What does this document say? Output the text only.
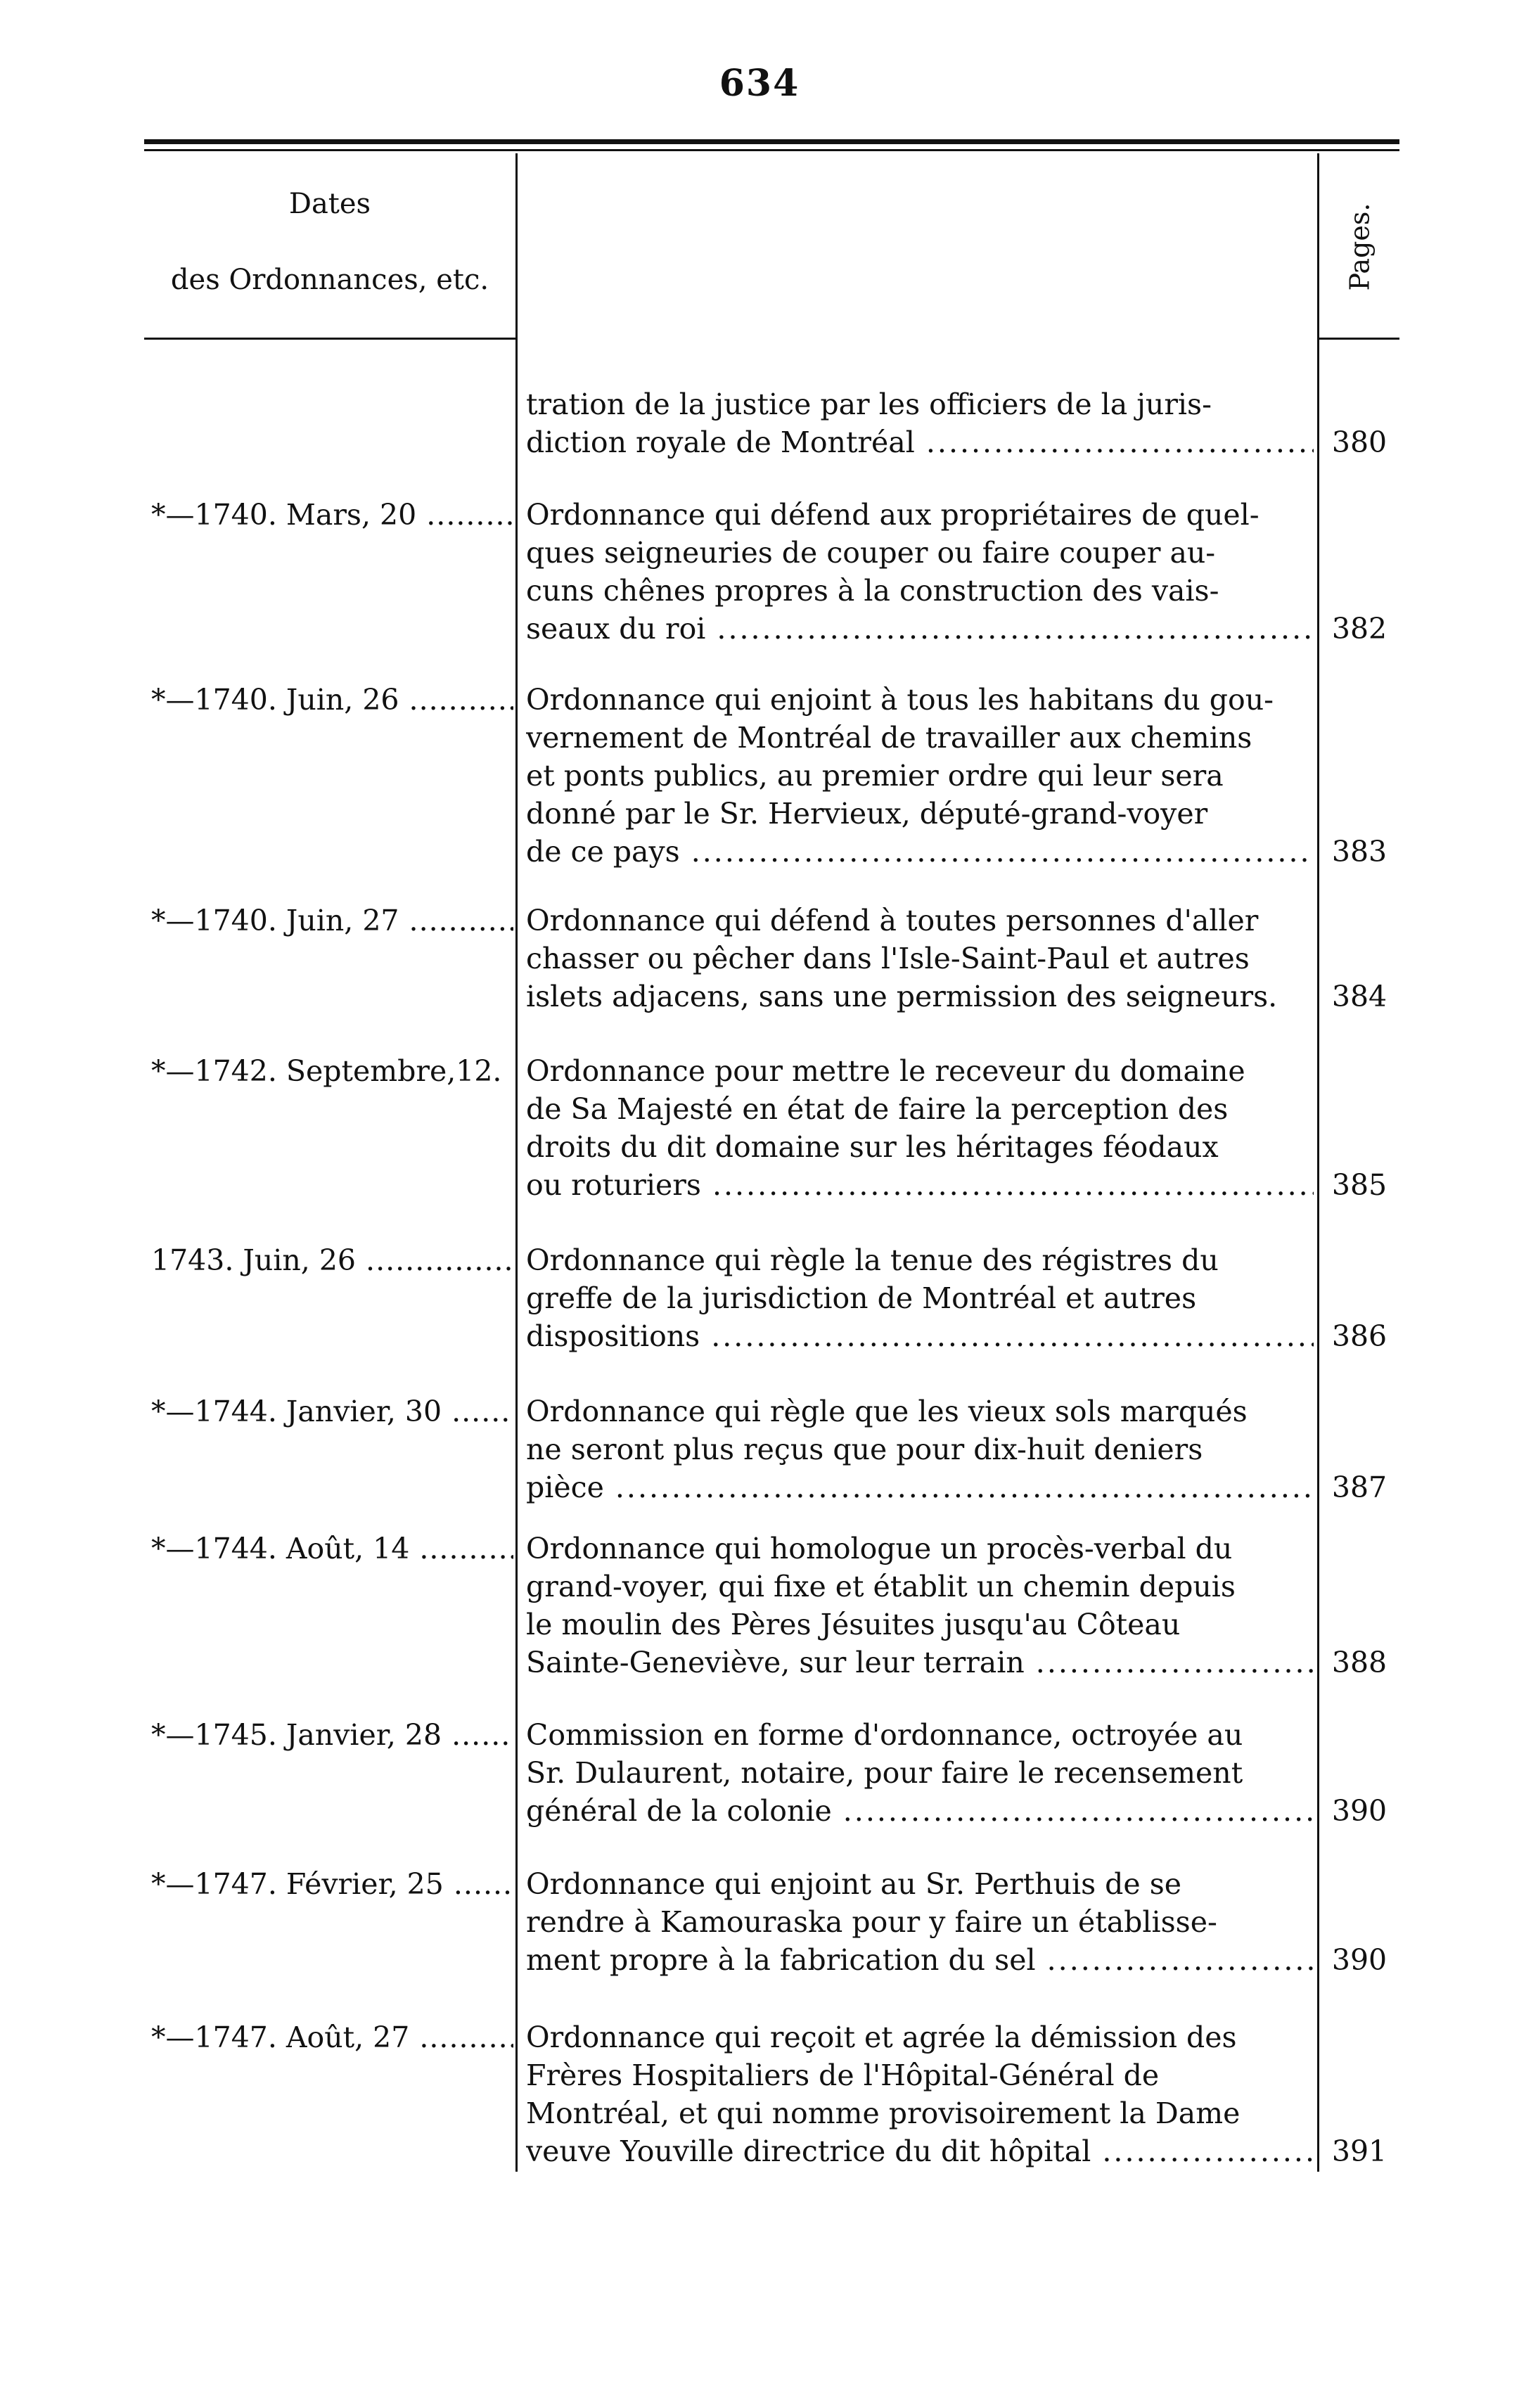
634
Dates
des Ordonnances, etc.	Pages.
tration de la justice par les officiers de la juris-
diction royale de Montréal .....	380
*—1740. Mars, 20 .....	Ordonnance qui défend aux propriétaires de quel-
ques seigneuries de couper ou faire couper au-
cuns chênes propres à la construction des vais-
seaux du roi .....	382
*—1740. Juin, 26 .....	Ordonnance qui enjoint à tous les habitans du gou-
vernement de Montréal de travailler aux chemins
et ponts publics, au premier ordre qui leur sera
donné par le Sr. Hervieux, député-grand-voyer
de ce pays .....	383
*—1740. Juin, 27 .....	Ordonnance qui défend à toutes personnes d'aller
chasser ou pêcher dans l'Isle-Saint-Paul et autres
islets adjacens, sans une permission des seigneurs.	384
*—1742. Septembre,12. ..... Ordonnance pour mettre le receveur du domaine
de Sa Majesté en état de faire la perception des
droits du dit domaine sur les héritages féodaux
ou roturiers .....	385
1743. Juin, 26 .....	Ordonnance qui règle la tenue des régistres du
greffe de la jurisdiction de Montréal et autres
dispositions .....	386
*—1744. Janvier, 30 .....	Ordonnance qui règle que les vieux sols marqués
ne seront plus reçus que pour dix-huit deniers
pièce .....	387
*—1744. Août, 14 .....	Ordonnance qui homologue un procès-verbal du
grand-voyer, qui fixe et établit un chemin depuis
le moulin des Pères Jésuites jusqu'au Côteau
Sainte-Geneviève, sur leur terrain .....	388
*—1745. Janvier, 28 .....	Commission en forme d'ordonnance, octroyée au
Sr. Dulaurent, notaire, pour faire le recensement
général de la colonie .....	390
*—1747. Février, 25 .....	Ordonnance qui enjoint au Sr. Perthuis de se
rendre à Kamouraska pour y faire un établisse-
ment propre à la fabrication du sel .....	390
*—1747. Août, 27 .....	Ordonnance qui reçoit et agrée la démission des
Frères Hospitaliers de l'Hôpital-Général de
Montréal, et qui nomme provisoirement la Dame
veuve Youville directrice du dit hôpital .....	391
